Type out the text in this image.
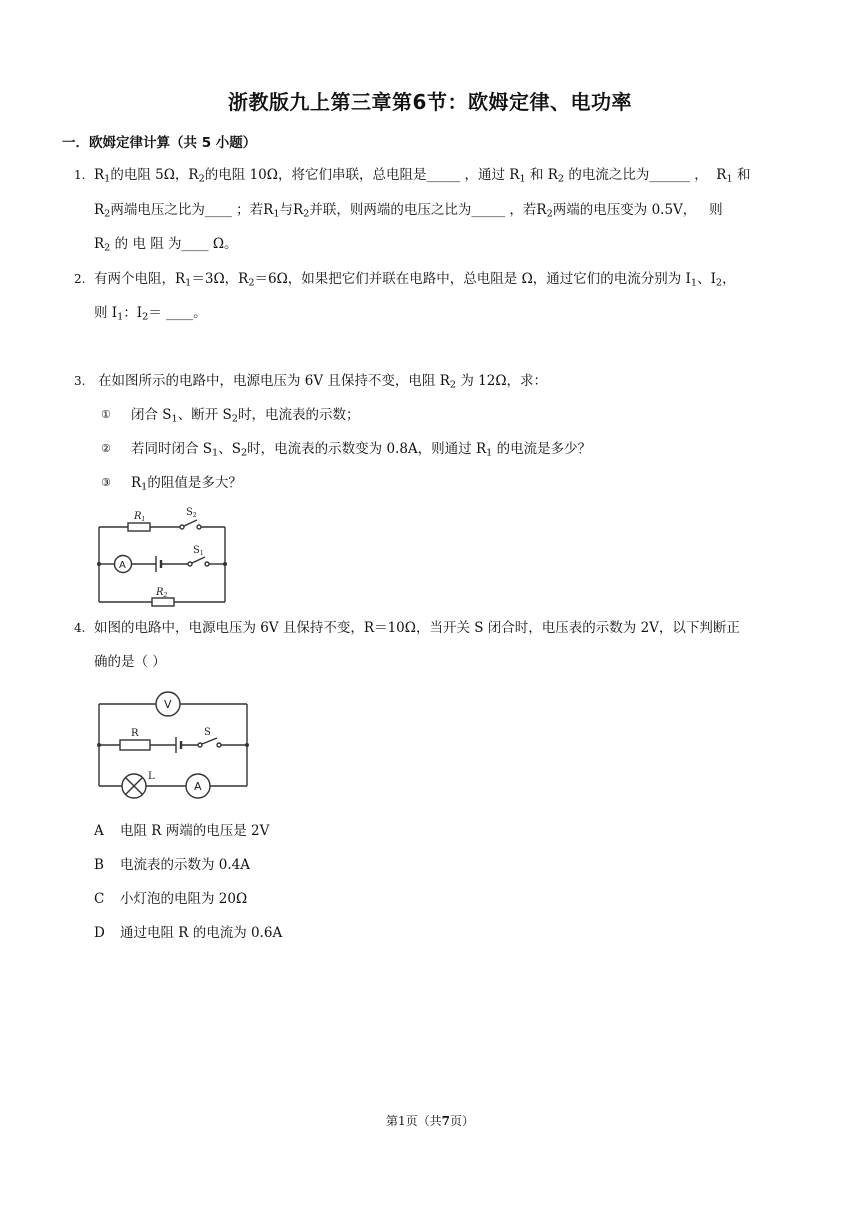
浙教版九上第三章第6节：欧姆定律、电功率
一．欧姆定律计算（共 5 小题）
1. $R_1$的电阻 5Ω，$R_2$的电阻 10Ω，将它们串联，总电阻是_____ ，通过 $R_1$ 和 $R_2$ 的电流之比为______ ， $R_1$ 和
$R_2$两端电压之比为____ ；若$R_1$与$R_2$并联，则两端的电压之比为_____ ，若$R_2$两端的电压变为 0.5V， 则
$R_2$ 的 电 阻 为____ Ω。
2. 有两个电阻，$R_1=3\Omega$，$R_2=6\Omega$，如果把它们并联在电路中，总电阻是 Ω，通过它们的电流分别为 $I_1$、$I_2$，
则 $I_1$：$I_2=$ ____。
3. 在如图所示的电路中，电源电压为 6V 且保持不变，电阻 $R_2$ 为 12Ω，求：
① 闭合 $S_1$、断开 $S_2$时，电流表的示数；
② 若同时闭合 $S_1$、$S_2$时，电流表的示数变为 0.8A，则通过 $R_1$ 的电流是多少？
③ $R_1$的阻值是多大？
$R_1$
$S_2$
$S_1$
$R_2$
A
4. 如图的电路中，电源电压为 6V 且保持不变，R＝10Ω，当开关 S 闭合时，电压表的示数为 2V，以下判断正
确的是（ ）
V
R	S
L
A
A 电阻 R 两端的电压是 2V
B 电流表的示数为 0.4A
C 小灯泡的电阻为 20Ω
D 通过电阻 R 的电流为 0.6A
第1页（共7页）
